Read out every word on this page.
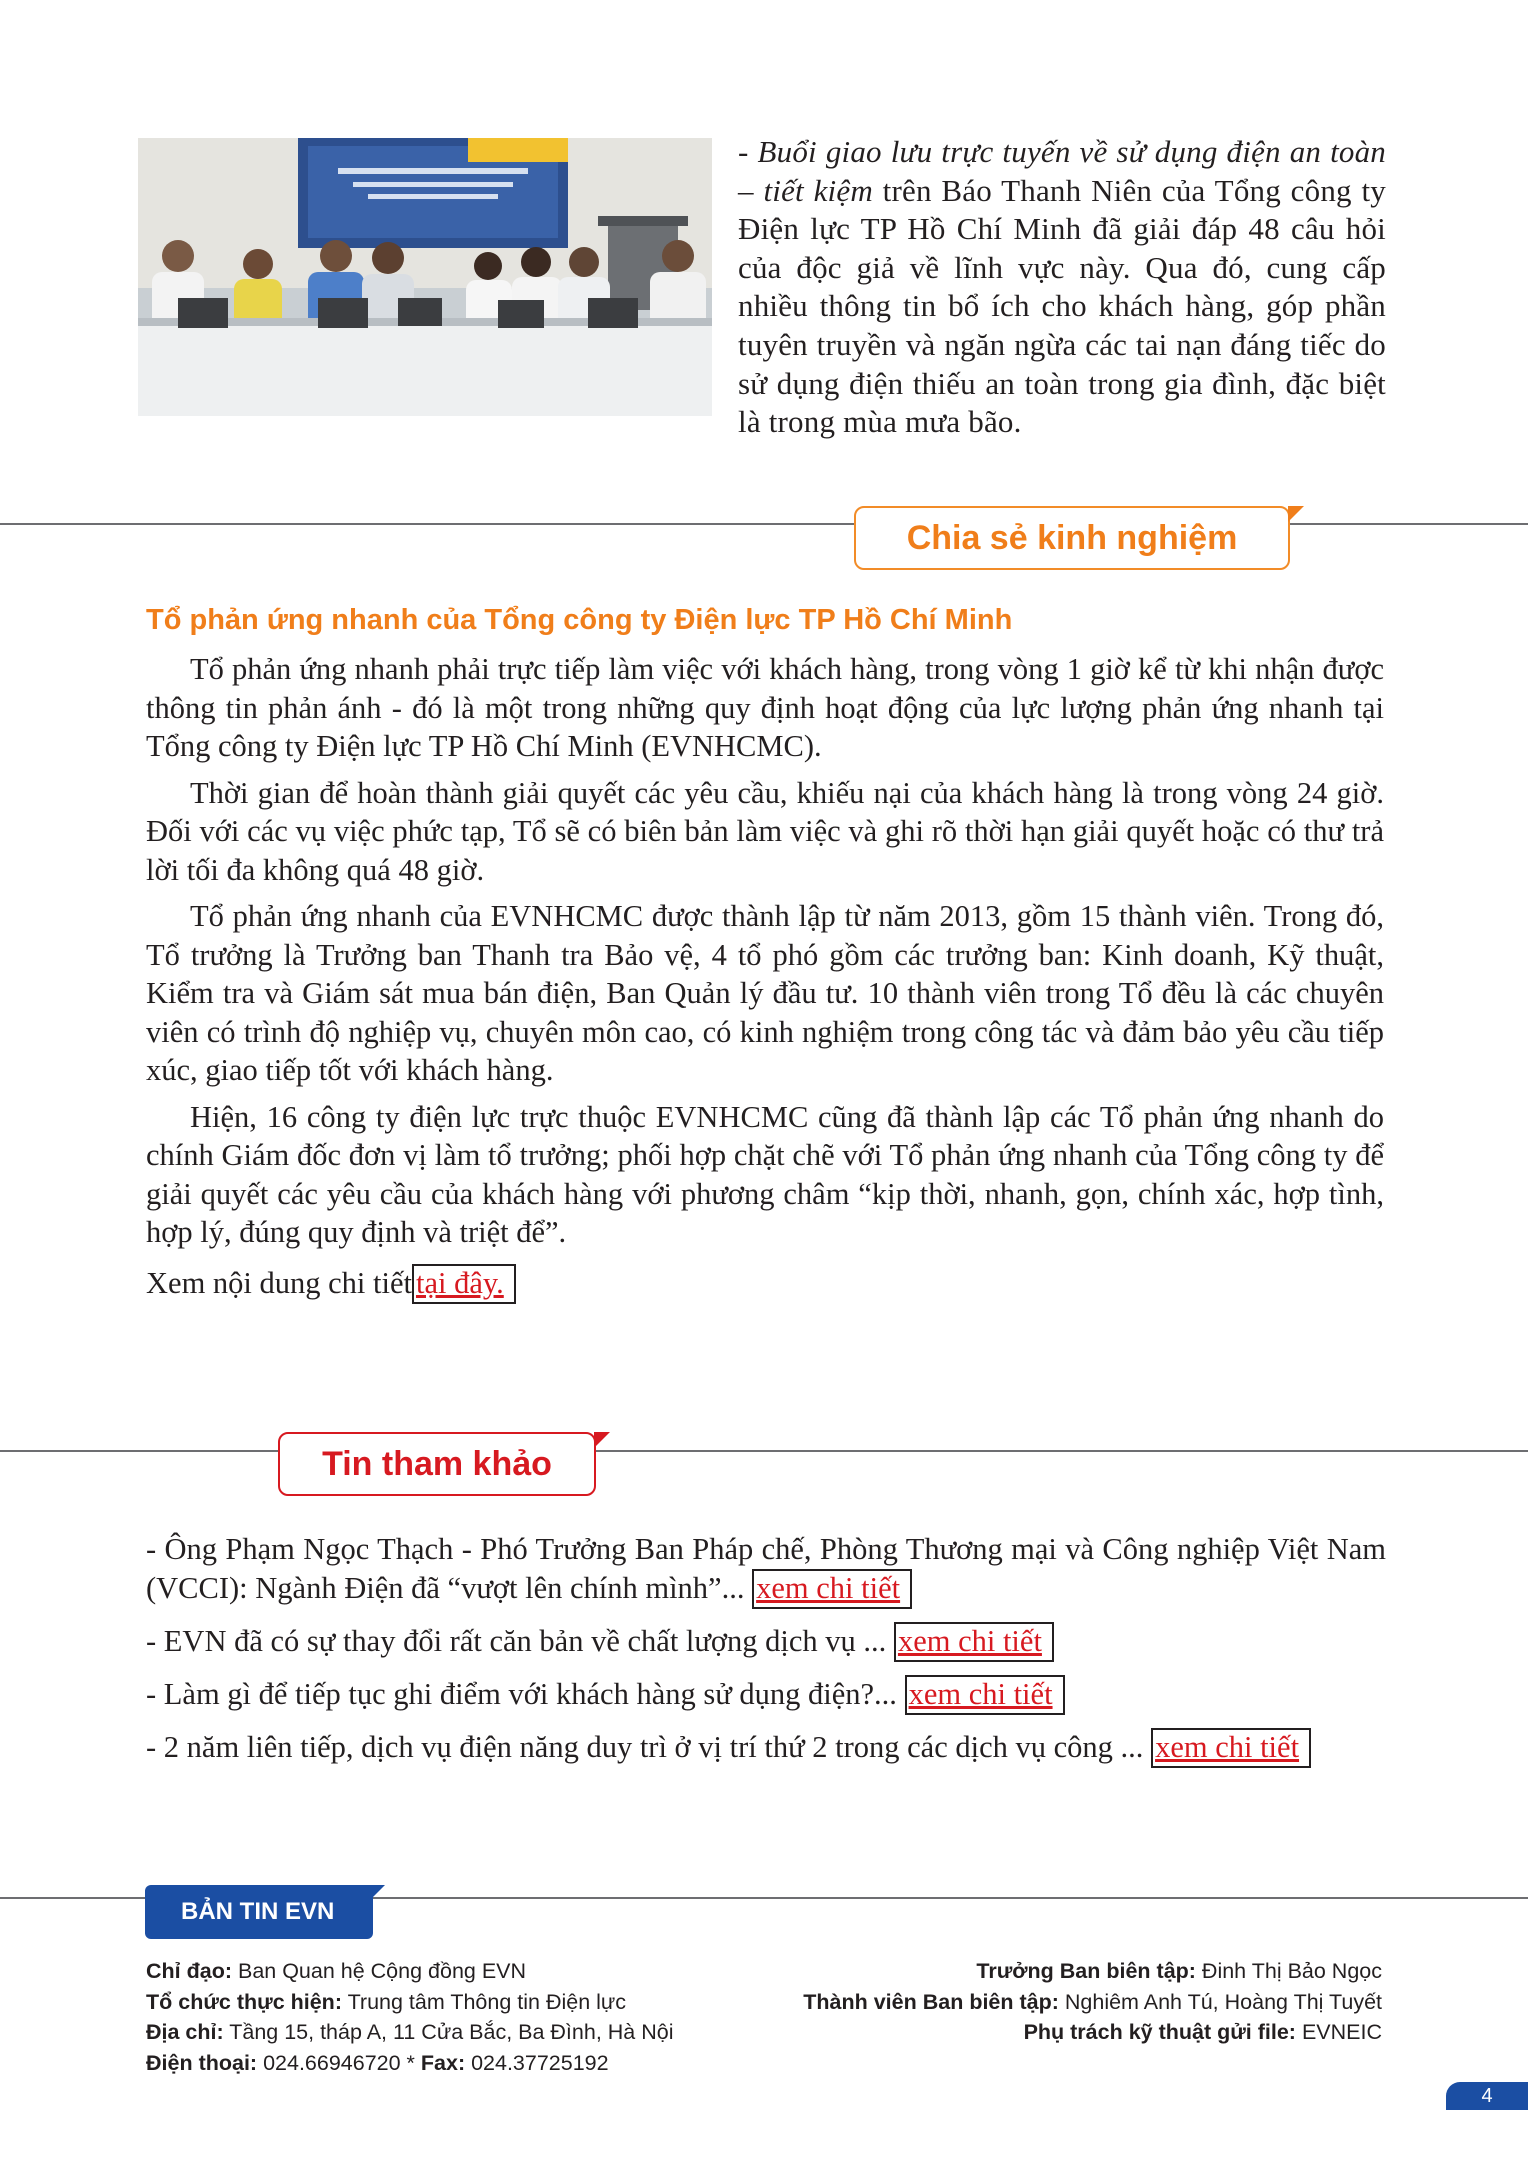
- Buổi giao lưu trực tuyến về sử dụng điện an toàn – tiết kiệm trên Báo Thanh Niên của Tổng công ty Điện lực TP Hồ Chí Minh đã giải đáp 48 câu hỏi của độc giả về lĩnh vực này. Qua đó, cung cấp nhiều thông tin bổ ích cho khách hàng, góp phần tuyên truyền và ngăn ngừa các tai nạn đáng tiếc do sử dụng điện thiếu an toàn trong gia đình, đặc biệt là trong mùa mưa bão.
Chia sẻ kinh nghiệm
Tổ phản ứng nhanh của Tổng công ty Điện lực TP Hồ Chí Minh

Tổ phản ứng nhanh phải trực tiếp làm việc với khách hàng, trong vòng 1 giờ kể từ khi nhận được thông tin phản ánh - đó là một trong những quy định hoạt động của lực lượng phản ứng nhanh tại Tổng công ty Điện lực TP Hồ Chí Minh (EVNHCMC).

Thời gian để hoàn thành giải quyết các yêu cầu, khiếu nại của khách hàng là trong vòng 24 giờ. Đối với các vụ việc phức tạp, Tổ sẽ có biên bản làm việc và ghi rõ thời hạn giải quyết hoặc có thư trả lời tối đa không quá 48 giờ.

Tổ phản ứng nhanh của EVNHCMC được thành lập từ năm 2013, gồm 15 thành viên. Trong đó, Tổ trưởng là Trưởng ban Thanh tra Bảo vệ, 4 tổ phó gồm các trưởng ban: Kinh doanh, Kỹ thuật, Kiểm tra và Giám sát mua bán điện, Ban Quản lý đầu tư. 10 thành viên trong Tổ đều là các chuyên viên có trình độ nghiệp vụ, chuyên môn cao, có kinh nghiệm trong công tác và đảm bảo yêu cầu tiếp xúc, giao tiếp tốt với khách hàng.

Hiện, 16 công ty điện lực trực thuộc EVNHCMC cũng đã thành lập các Tổ phản ứng nhanh do chính Giám đốc đơn vị làm tổ trưởng; phối hợp chặt chẽ với Tổ phản ứng nhanh của Tổng công ty để giải quyết các yêu cầu của khách hàng với phương châm “kịp thời, nhanh, gọn, chính xác, hợp tình, hợp lý, đúng quy định và triệt để”.

Xem nội dung chi tiết tại đây.
Tin tham khảo
- Ông Phạm Ngọc Thạch - Phó Trưởng Ban Pháp chế, Phòng Thương mại và Công nghiệp Việt Nam (VCCI): Ngành Điện đã “vượt lên chính mình”... xem chi tiết
- EVN đã có sự thay đổi rất căn bản về chất lượng dịch vụ ... xem chi tiết
- Làm gì để tiếp tục ghi điểm với khách hàng sử dụng điện?... xem chi tiết
- 2 năm liên tiếp, dịch vụ điện năng duy trì ở vị trí thứ 2 trong các dịch vụ công ... xem chi tiết
BẢN TIN EVN
Chỉ đạo: Ban Quan hệ Cộng đồng EVN
Tổ chức thực hiện: Trung tâm Thông tin Điện lực
Địa chỉ: Tầng 15, tháp A, 11 Cửa Bắc, Ba Đình, Hà Nội
Điện thoại: 024.66946720 * Fax: 024.37725192
Trưởng Ban biên tập: Đinh Thị Bảo Ngọc
Thành viên Ban biên tập: Nghiêm Anh Tú, Hoàng Thị Tuyết
Phụ trách kỹ thuật gửi file: EVNEIC
4
